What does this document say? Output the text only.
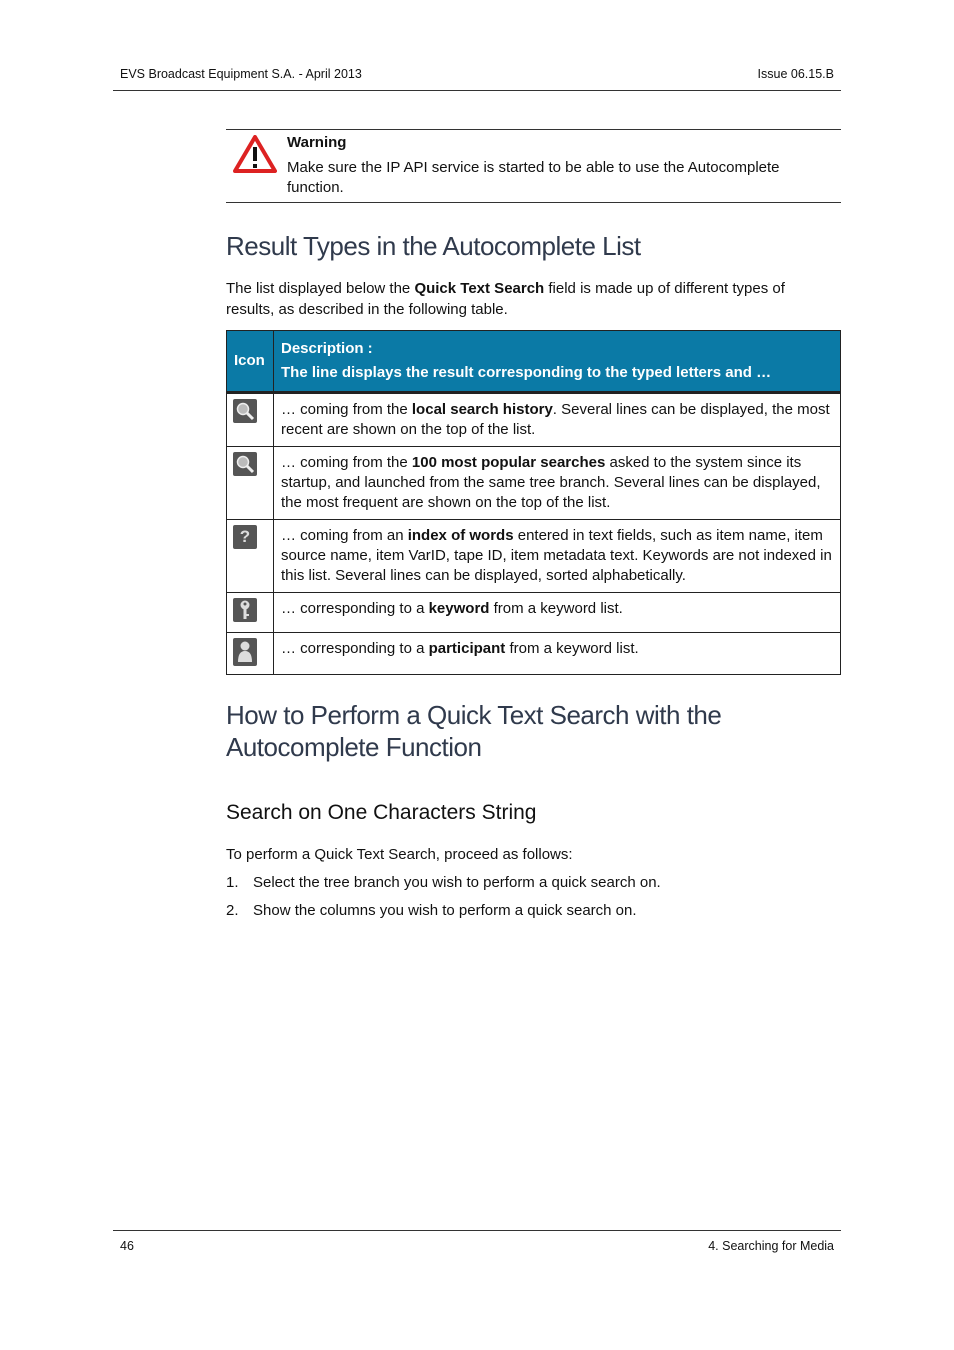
EVS Broadcast Equipment S.A. - April 2013	Issue 06.15.B
Warning
Make sure the IP API service is started to be able to use the Autocomplete function.
Result Types in the Autocomplete List
The list displayed below the Quick Text Search field is made up of different types of results, as described in the following table.
Icon	Description :
The line displays the result corresponding to the typed letters and …

	… coming from the local search history. Several lines can be displayed, the most recent are shown on the top of the list.

	… coming from the 100 most popular searches asked to the system since its startup, and launched from the same tree branch. Several lines can be displayed, the most frequent are shown on the top of the list.

?	… coming from an index of words entered in text fields, such as item name, item source name, item VarID, tape ID, item metadata text. Keywords are not indexed in this list. Several lines can be displayed, sorted alphabetically.

	… corresponding to a keyword from a keyword list.

	… corresponding to a participant from a keyword list.
How to Perform a Quick Text Search with the
Autocomplete Function
Search on One Characters String
To perform a Quick Text Search, proceed as follows:
1. Select the tree branch you wish to perform a quick search on.
2. Show the columns you wish to perform a quick search on.
46	4. Searching for Media
